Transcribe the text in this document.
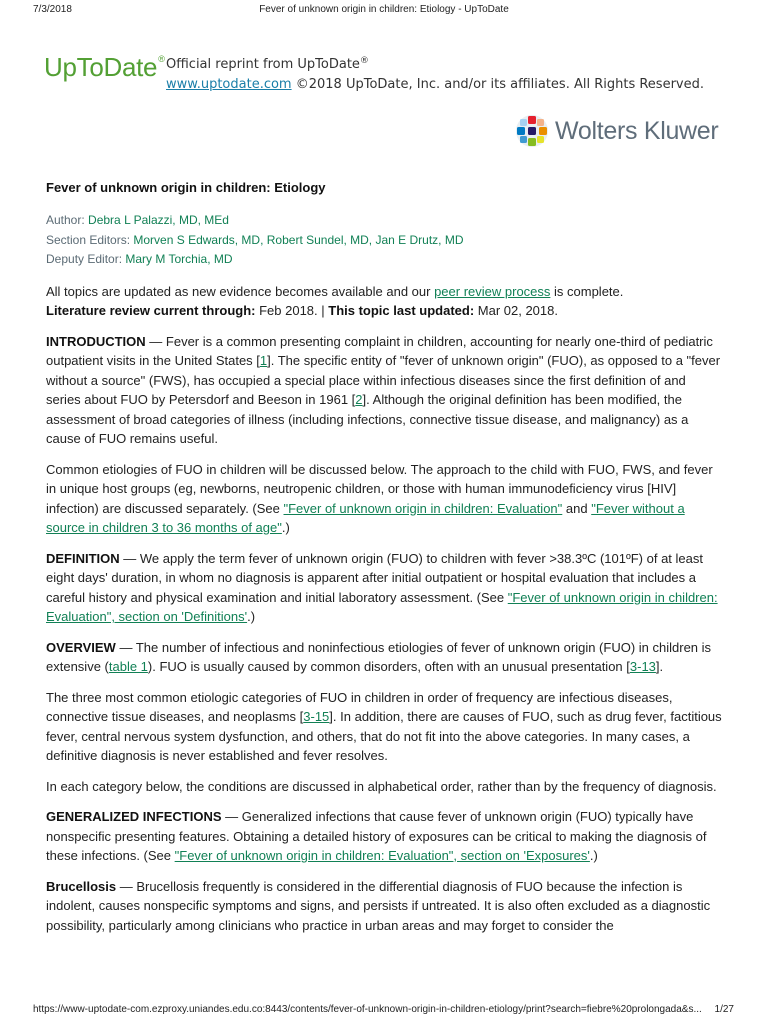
7/3/2018	Fever of unknown origin in children: Etiology - UpToDate
UpToDate® Official reprint from UpToDate®
www.uptodate.com ©2018 UpToDate, Inc. and/or its affiliates. All Rights Reserved.
Wolters Kluwer
Fever of unknown origin in children: Etiology
Author: Debra L Palazzi, MD, MEd
Section Editors: Morven S Edwards, MD, Robert Sundel, MD, Jan E Drutz, MD
Deputy Editor: Mary M Torchia, MD

All topics are updated as new evidence becomes available and our peer review process is complete.
Literature review current through: Feb 2018. | This topic last updated: Mar 02, 2018.

INTRODUCTION — Fever is a common presenting complaint in children, accounting for nearly one-third of pediatric outpatient visits in the United States [1]. The specific entity of "fever of unknown origin" (FUO), as opposed to a "fever without a source" (FWS), has occupied a special place within infectious diseases since the first definition of and series about FUO by Petersdorf and Beeson in 1961 [2]. Although the original definition has been modified, the assessment of broad categories of illness (including infections, connective tissue disease, and malignancy) as a cause of FUO remains useful.

Common etiologies of FUO in children will be discussed below. The approach to the child with FUO, FWS, and fever in unique host groups (eg, newborns, neutropenic children, or those with human immunodeficiency virus [HIV] infection) are discussed separately. (See "Fever of unknown origin in children: Evaluation" and "Fever without a source in children 3 to 36 months of age".)

DEFINITION — We apply the term fever of unknown origin (FUO) to children with fever >38.3ºC (101ºF) of at least eight days' duration, in whom no diagnosis is apparent after initial outpatient or hospital evaluation that includes a careful history and physical examination and initial laboratory assessment. (See "Fever of unknown origin in children: Evaluation", section on 'Definitions'.)

OVERVIEW — The number of infectious and noninfectious etiologies of fever of unknown origin (FUO) in children is extensive (table 1). FUO is usually caused by common disorders, often with an unusual presentation [3-13].

The three most common etiologic categories of FUO in children in order of frequency are infectious diseases, connective tissue diseases, and neoplasms [3-15]. In addition, there are causes of FUO, such as drug fever, factitious fever, central nervous system dysfunction, and others, that do not fit into the above categories. In many cases, a definitive diagnosis is never established and fever resolves.

In each category below, the conditions are discussed in alphabetical order, rather than by the frequency of diagnosis.

GENERALIZED INFECTIONS — Generalized infections that cause fever of unknown origin (FUO) typically have nonspecific presenting features. Obtaining a detailed history of exposures can be critical to making the diagnosis of these infections. (See "Fever of unknown origin in children: Evaluation", section on 'Exposures'.)

Brucellosis — Brucellosis frequently is considered in the differential diagnosis of FUO because the infection is indolent, causes nonspecific symptoms and signs, and persists if untreated. It is also often excluded as a diagnostic possibility, particularly among clinicians who practice in urban areas and may forget to consider the

https://www-uptodate-com.ezproxy.uniandes.edu.co:8443/contents/fever-of-unknown-origin-in-children-etiology/print?search=fiebre%20prolongada&s... 1/27
